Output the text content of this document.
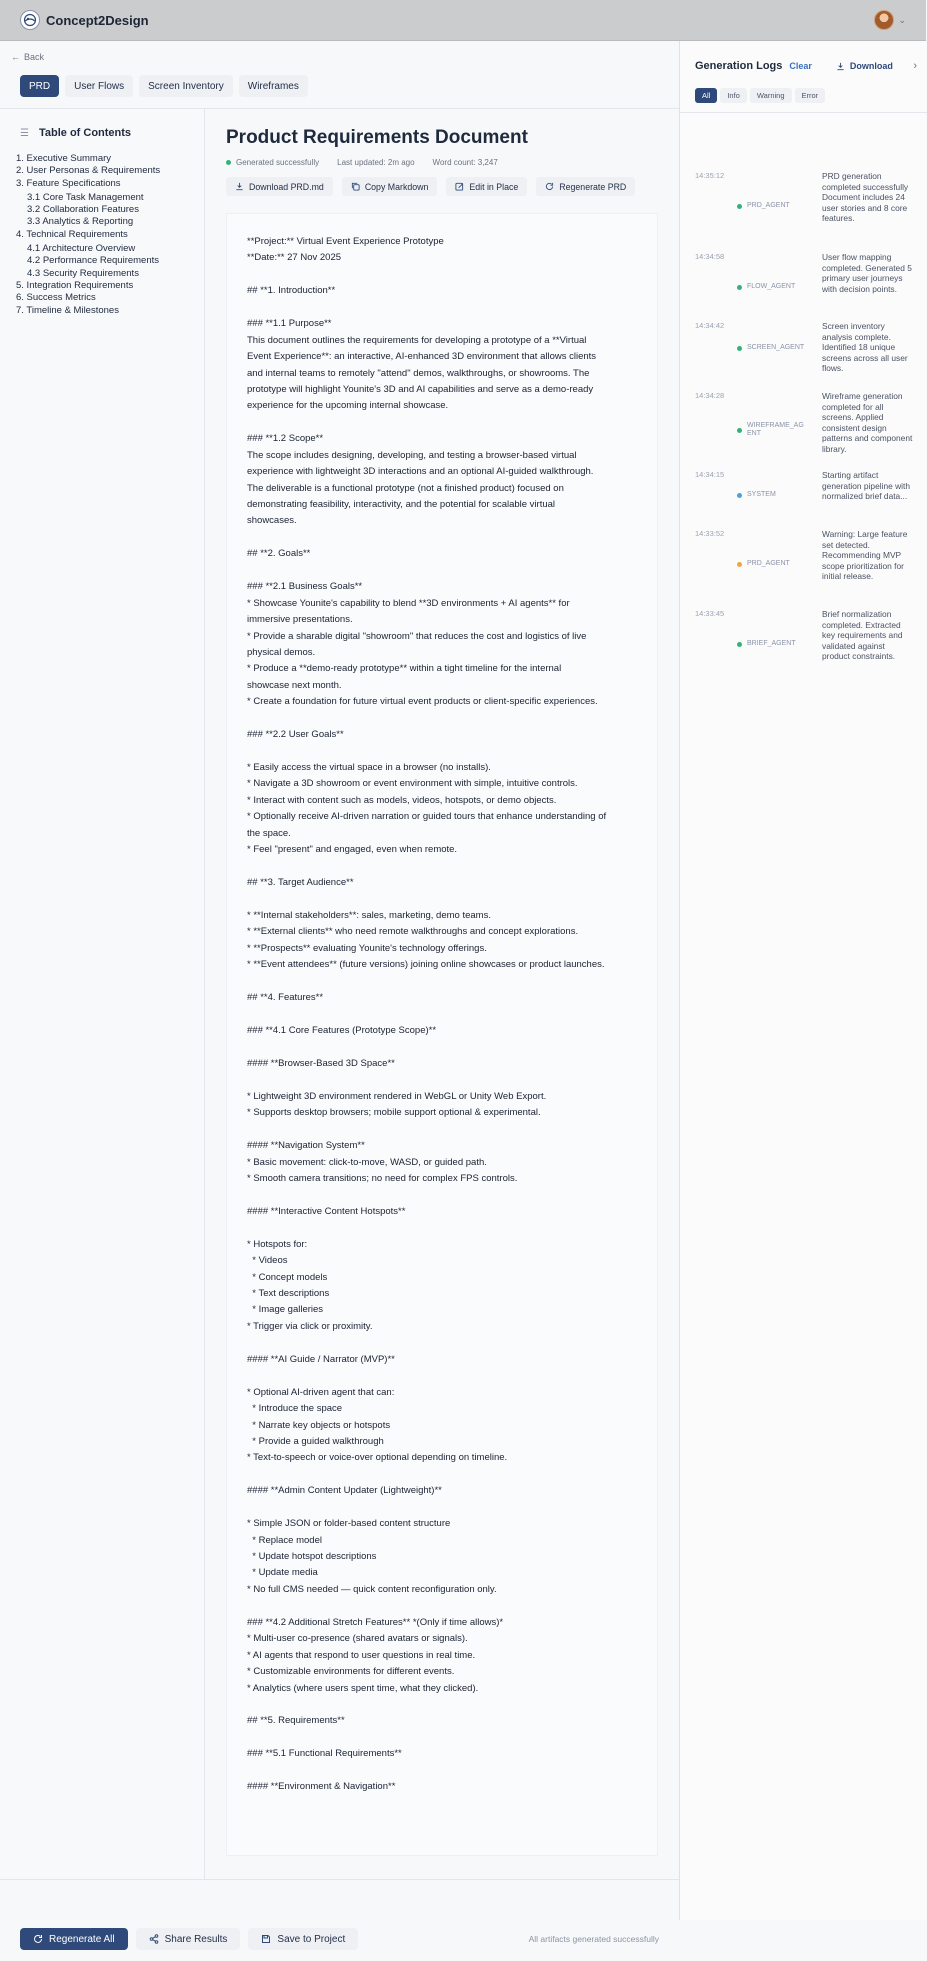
Concept2Design	⌄
← Back
PRD	User Flows	Screen Inventory	Wireframes
☰ Table of Contents
1. Executive Summary
2. User Personas & Requirements
3. Feature Specifications
3.1 Core Task Management
3.2 Collaboration Features
3.3 Analytics & Reporting
4. Technical Requirements
4.1 Architecture Overview
4.2 Performance Requirements
4.3 Security Requirements
5. Integration Requirements
6. Success Metrics
7. Timeline & Milestones
Product Requirements Document
Generated successfully Last updated: 2m ago Word count: 3,247
Download PRD.md	Copy Markdown	Edit in Place	Regenerate PRD
**Project:** Virtual Event Experience Prototype
**Date:** 27 Nov 2025
## **1. Introduction**
### **1.1 Purpose**
This document outlines the requirements for developing a prototype of a **Virtual
Event Experience**: an interactive, AI-enhanced 3D environment that allows clients
and internal teams to remotely "attend" demos, walkthroughs, or showrooms. The
prototype will highlight Younite's 3D and AI capabilities and serve as a demo-ready
experience for the upcoming internal showcase.
### **1.2 Scope**
The scope includes designing, developing, and testing a browser-based virtual
experience with lightweight 3D interactions and an optional AI-guided walkthrough.
The deliverable is a functional prototype (not a finished product) focused on
demonstrating feasibility, interactivity, and the potential for scalable virtual
showcases.
## **2. Goals**
### **2.1 Business Goals**
* Showcase Younite's capability to blend **3D environments + AI agents** for
immersive presentations.
* Provide a sharable digital "showroom" that reduces the cost and logistics of live
physical demos.
* Produce a **demo-ready prototype** within a tight timeline for the internal
showcase next month.
* Create a foundation for future virtual event products or client-specific experiences.
### **2.2 User Goals**
* Easily access the virtual space in a browser (no installs).
* Navigate a 3D showroom or event environment with simple, intuitive controls.
* Interact with content such as models, videos, hotspots, or demo objects.
* Optionally receive AI-driven narration or guided tours that enhance understanding of
the space.
* Feel "present" and engaged, even when remote.
## **3. Target Audience**
* **Internal stakeholders**: sales, marketing, demo teams.
* **External clients** who need remote walkthroughs and concept explorations.
* **Prospects** evaluating Younite's technology offerings.
* **Event attendees** (future versions) joining online showcases or product launches.
## **4. Features**
### **4.1 Core Features (Prototype Scope)**
#### **Browser-Based 3D Space**
* Lightweight 3D environment rendered in WebGL or Unity Web Export.
* Supports desktop browsers; mobile support optional & experimental.
#### **Navigation System**
* Basic movement: click-to-move, WASD, or guided path.
* Smooth camera transitions; no need for complex FPS controls.
#### **Interactive Content Hotspots**
* Hotspots for:
* Videos
* Concept models
* Text descriptions
* Image galleries
* Trigger via click or proximity.
#### **AI Guide / Narrator (MVP)**
* Optional AI-driven agent that can:
* Introduce the space
* Narrate key objects or hotspots
* Provide a guided walkthrough
* Text-to-speech or voice-over optional depending on timeline.
#### **Admin Content Updater (Lightweight)**
* Simple JSON or folder-based content structure
* Replace model
* Update hotspot descriptions
* Update media
* No full CMS needed — quick content reconfiguration only.
### **4.2 Additional Stretch Features** *(Only if time allows)*
* Multi-user co-presence (shared avatars or signals).
* AI agents that respond to user questions in real time.
* Customizable environments for different events.
* Analytics (where users spent time, what they clicked).
## **5. Requirements**
### **5.1 Functional Requirements**
#### **Environment & Navigation**
Regenerate All	Share Results	Save to Project	All artifacts generated successfully
Generation Logs Clear	Download ›
All	Info	Warning	Error
14:35:12
PRD_AGENT
PRD generation completed successfully Document includes 24 user stories and 8 core features.
14:34:58
FLOW_AGENT
User flow mapping completed. Generated 5 primary user journeys with decision points.
14:34:42
SCREEN_AGENT
Screen inventory analysis complete. Identified 18 unique screens across all user flows.
14:34:28
WIREFRAME_AGENT
Wireframe generation completed for all screens. Applied consistent design patterns and component library.
14:34:15
SYSTEM
Starting artifact generation pipeline with normalized brief data...
14:33:52
PRD_AGENT
Warning: Large feature set detected. Recommending MVP scope prioritization for initial release.
14:33:45
BRIEF_AGENT
Brief normalization completed. Extracted key requirements and validated against product constraints.
